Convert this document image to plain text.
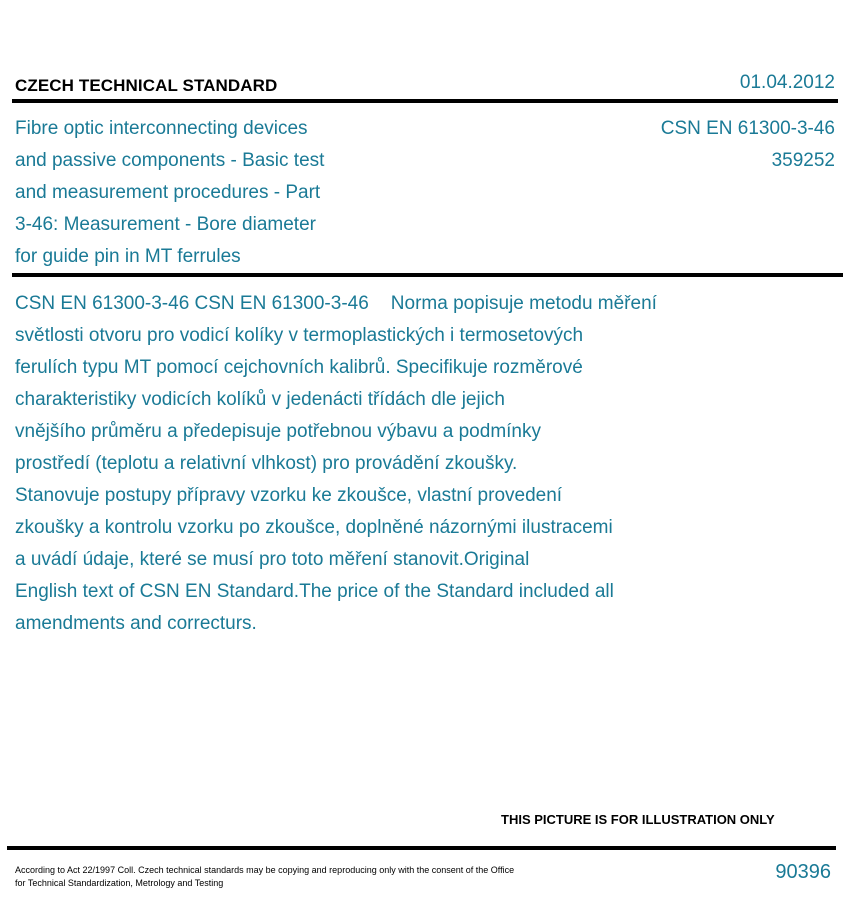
CZECH TECHNICAL STANDARD	01.04.2012
Fibre optic interconnecting devices
and passive components - Basic test
and measurement procedures - Part
3-46: Measurement - Bore diameter
for guide pin in MT ferrules
CSN EN 61300-3-46
359252
CSN EN 61300-3-46 CSN EN 61300-3-46 Norma popisuje metodu měření
světlosti otvoru pro vodicí kolíky v termoplastických i termosetových
ferulích typu MT pomocí cejchovních kalibrů. Specifikuje rozměrové
charakteristiky vodicích kolíků v jedenácti třídách dle jejich
vnějšího průměru a předepisuje potřebnou výbavu a podmínky
prostředí (teplotu a relativní vlhkost) pro provádění zkoušky.
Stanovuje postupy přípravy vzorku ke zkoušce, vlastní provedení
zkoušky a kontrolu vzorku po zkoušce, doplněné názornými ilustracemi
a uvádí údaje, které se musí pro toto měření stanovit.Original
English text of CSN EN Standard.The price of the Standard included all
amendments and correcturs.
THIS PICTURE IS FOR ILLUSTRATION ONLY
According to Act 22/1997 Coll. Czech technical standards may be copying and reproducing only with the consent of the Office
for Technical Standardization, Metrology and Testing	90396
